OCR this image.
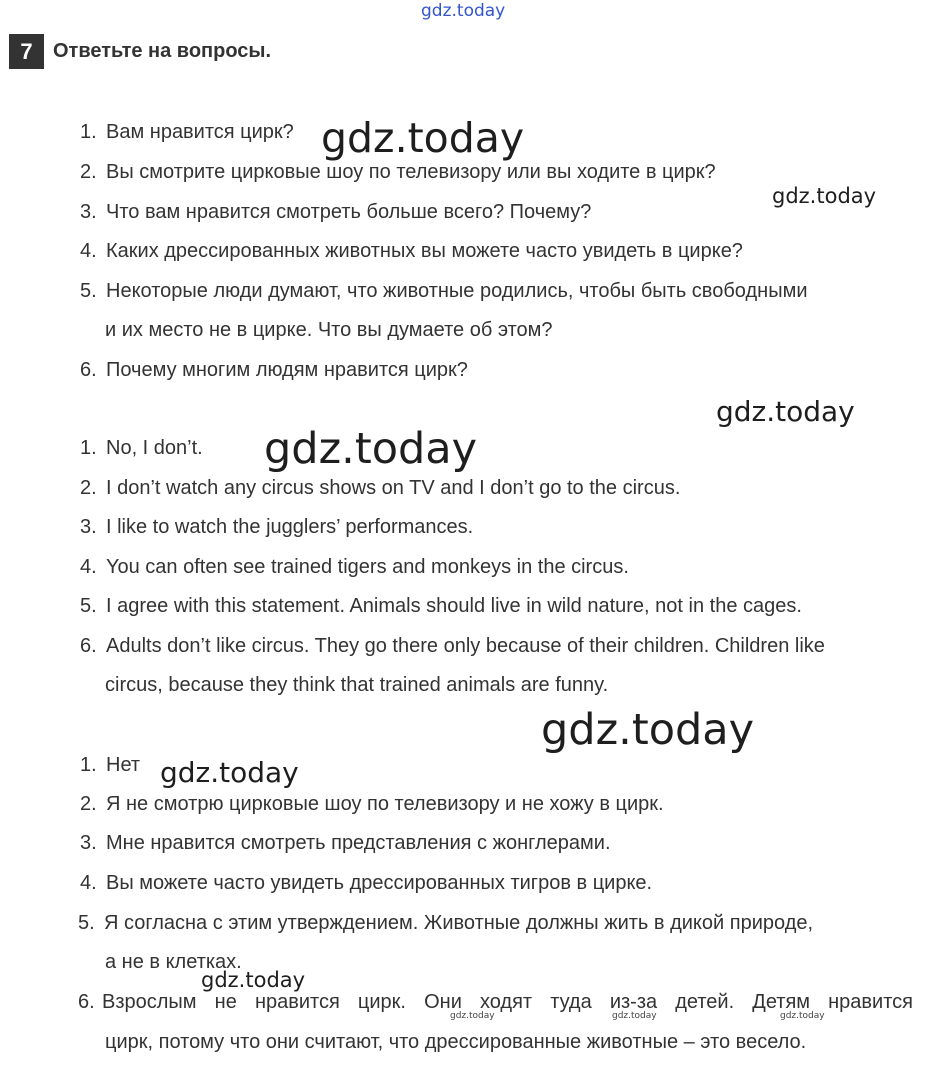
gdz.today
gdz.today
gdz.today
gdz.today
gdz.today
gdz.today
gdz.today
gdz.today
gdz.today	gdz.today	gdz.today
7	Ответьте на вопросы.
1. Вам нравится цирк?
2. Вы смотрите цирковые шоу по телевизору или вы ходите в цирк?
3. Что вам нравится смотреть больше всего? Почему?
4. Каких дрессированных животных вы можете часто увидеть в цирке?
5. Некоторые люди думают, что животные родились, чтобы быть свободными
и их место не в цирке. Что вы думаете об этом?
6. Почему многим людям нравится цирк?
1. No, I don’t.
2. I don’t watch any circus shows on TV and I don’t go to the circus.
3. I like to watch the jugglers’ performances.
4. You can often see trained tigers and monkeys in the circus.
5. I agree with this statement. Animals should live in wild nature, not in the cages.
6. Adults don’t like circus. They go there only because of their children. Children like
circus, because they think that trained animals are funny.
1. Нет
2. Я не смотрю цирковые шоу по телевизору и не хожу в цирк.
3. Мне нравится смотреть представления с жонглерами.
4. Вы можете часто увидеть дрессированных тигров в цирке.
5. Я согласна с этим утверждением. Животные должны жить в дикой природе,
а не в клетках.
6. Взрослым не нравится цирк. Они ходят туда из-за детей. Детям нравится
цирк, потому что они считают, что дрессированные животные – это весело.
